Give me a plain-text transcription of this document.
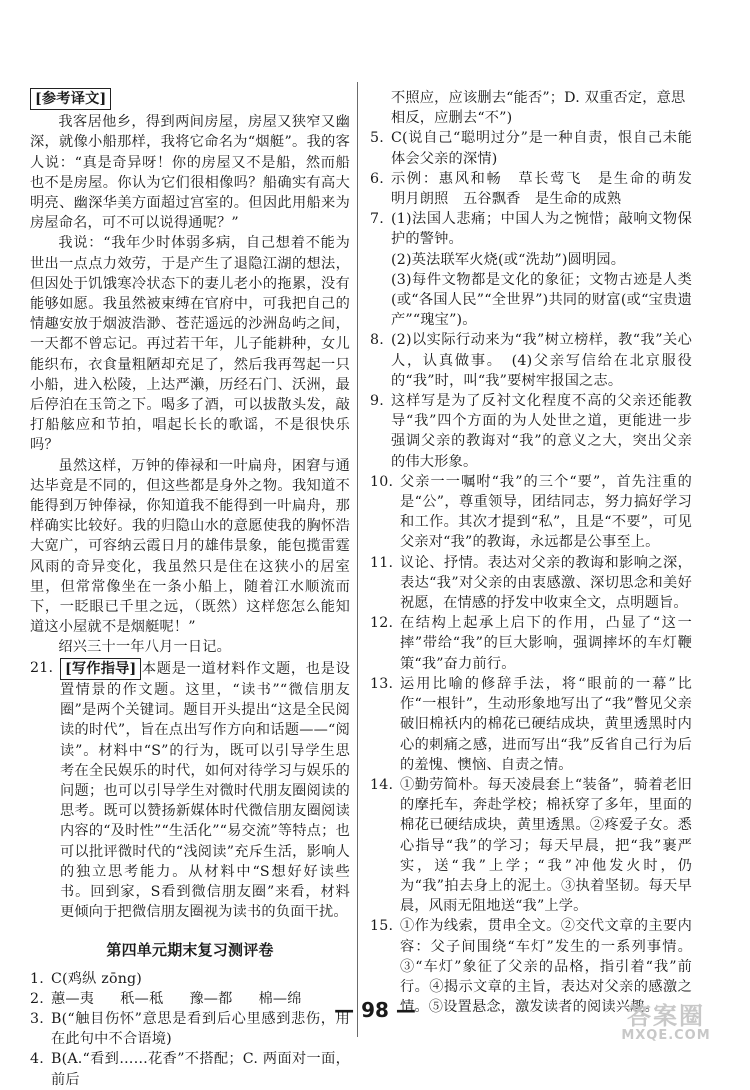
[参考译文]
我客居他乡，得到两间房屋，房屋又狭窄又幽深，就像小船那样，我将它命名为“烟艇”。我的客人说：“真是奇异呀！你的房屋又不是船，然而船也不是房屋。你认为它们很相像吗？船确实有高大明亮、幽深华美方面超过宫室的。但因此用船来为房屋命名，可不可以说得通呢？”
我说：“我年少时体弱多病，自己想着不能为世出一点点力效劳，于是产生了退隐江湖的想法，但因处于饥饿寒冷状态下的妻儿老小的拖累，没有能够如愿。我虽然被束缚在官府中，可我把自己的情趣安放于烟波浩渺、苍茫遥远的沙洲岛屿之间，一天都不曾忘记。再过若干年，儿子能耕种，女儿能织布，衣食量粗陋却充足了，然后我再驾起一只小船，进入松陵，上达严濑，历经石门、沃洲，最后停泊在玉笥之下。喝多了酒，可以拔散头发，敲打船舷应和节拍，唱起长长的歌谣，不是很快乐吗？
虽然这样，万钟的俸禄和一叶扁舟，困窘与通达毕竟是不同的，但这些都是身外之物。我知道不能得到万钟俸禄，你知道我不能得到一叶扁舟，那样确实比较好。我的归隐山水的意愿使我的胸怀浩大宽广，可容纳云霞日月的雄伟景象，能包揽雷霆风雨的奇异变化，我虽然只是住在这狭小的居室里，但常常像坐在一条小船上，随着江水顺流而下，一眨眼已千里之远，（既然）这样您怎么能知道这小屋就不是烟艇呢！”
绍兴三十一年八月一日记。
21. [写作指导] 本题是一道材料作文题，也是设置情景的作文题。这里，“读书”“微信朋友圈”是两个关键词。题目开头提出“这是全民阅读的时代”，旨在点出写作方向和话题——“阅读”。材料中“S”的行为，既可以引导学生思考在全民娱乐的时代，如何对待学习与娱乐的问题；也可以引导学生对微时代朋友圈阅读的思考。既可以赞扬新媒体时代微信朋友圈阅读内容的“及时性”“生活化”“易交流”等特点；也可以批评微时代的“浅阅读”充斥生活，影响人的独立思考能力。从材料中“S想好好读些书。回到家，S看到微信朋友圈”来看，材料更倾向于把微信朋友圈视为读书的负面干扰。
第四单元期末复习测评卷
1. C(鸡纵 zōng)
2. 蕙—夷 秖—秪 豫—都 棉—绵
3. B(“触目伤怀”意思是看到后心里感到悲伤，用在此句中不合语境)
4. B(A.“看到……花香”不搭配；C. 两面对一面，前后
不照应，应该删去“能否”；D. 双重否定，意思相反，应删去“不”)
5. C(说自己“聪明过分”是一种自责，恨自己未能体会父亲的深情)
6. 示例：惠风和畅　草长莺飞　是生命的萌发　明月朗照　五谷飘香　是生命的成熟
7. (1)法国人悲痛；中国人为之惋惜；敲响文物保护的警钟。
(2)英法联军火烧(或“洗劫”)圆明园。
(3)每件文物都是文化的象征；文物古迹是人类(或“各国人民”“全世界”)共同的财富(或“宝贵遗产”“瑰宝”)。
8. (2)以实际行动来为“我”树立榜样，教“我”关心人，认真做事。　(4)父亲写信给在北京服役的“我”时，叫“我”要树牢报国之志。
9. 这样写是为了反衬文化程度不高的父亲还能教导“我”四个方面的为人处世之道，更能进一步强调父亲的教诲对“我”的意义之大，突出父亲的伟大形象。
10. 父亲一一嘱咐“我”的三个“要”，首先注重的是“公”，尊重领导，团结同志，努力搞好学习和工作。其次才提到“私”，且是“不要”，可见父亲对“我”的教诲，永远都是公事至上。
11. 议论、抒情。表达对父亲的教诲和影响之深，表达“我”对父亲的由衷感激、深切思念和美好祝愿，在情感的抒发中收束全文，点明题旨。
12. 在结构上起承上启下的作用，凸显了“这一摔”带给“我”的巨大影响，强调摔坏的车灯鞭策“我”奋力前行。
13. 运用比喻的修辞手法，将“眼前的一幕”比作“一根针”，生动形象地写出了“我”瞥见父亲破旧棉袄内的棉花已硬结成块，黄里透黑时内心的刺痛之感，进而写出“我”反省自己行为后的羞愧、懊恼、自责之情。
14. ①勤劳简朴。每天凌晨套上“装备”，骑着老旧的摩托车，奔赴学校；棉袄穿了多年，里面的棉花已硬结成块，黄里透黑。②疼爱子女。悉心指导“我”的学习；每天早晨，把“我”裹严实，送“我”上学；“我”冲他发火时，仍为“我”拍去身上的泥土。③执着坚韧。每天早晨，风雨无阻地送“我”上学。
15. ①作为线索，贯串全文。②交代文章的主要内容：父子间围绕“车灯”发生的一系列事情。③“车灯”象征了父亲的品格，指引着“我”前行。④揭示文章的主旨，表达对父亲的感激之情。⑤设置悬念，激发读者的阅读兴趣。
— 98 —	答案圈
MXQE.COM
